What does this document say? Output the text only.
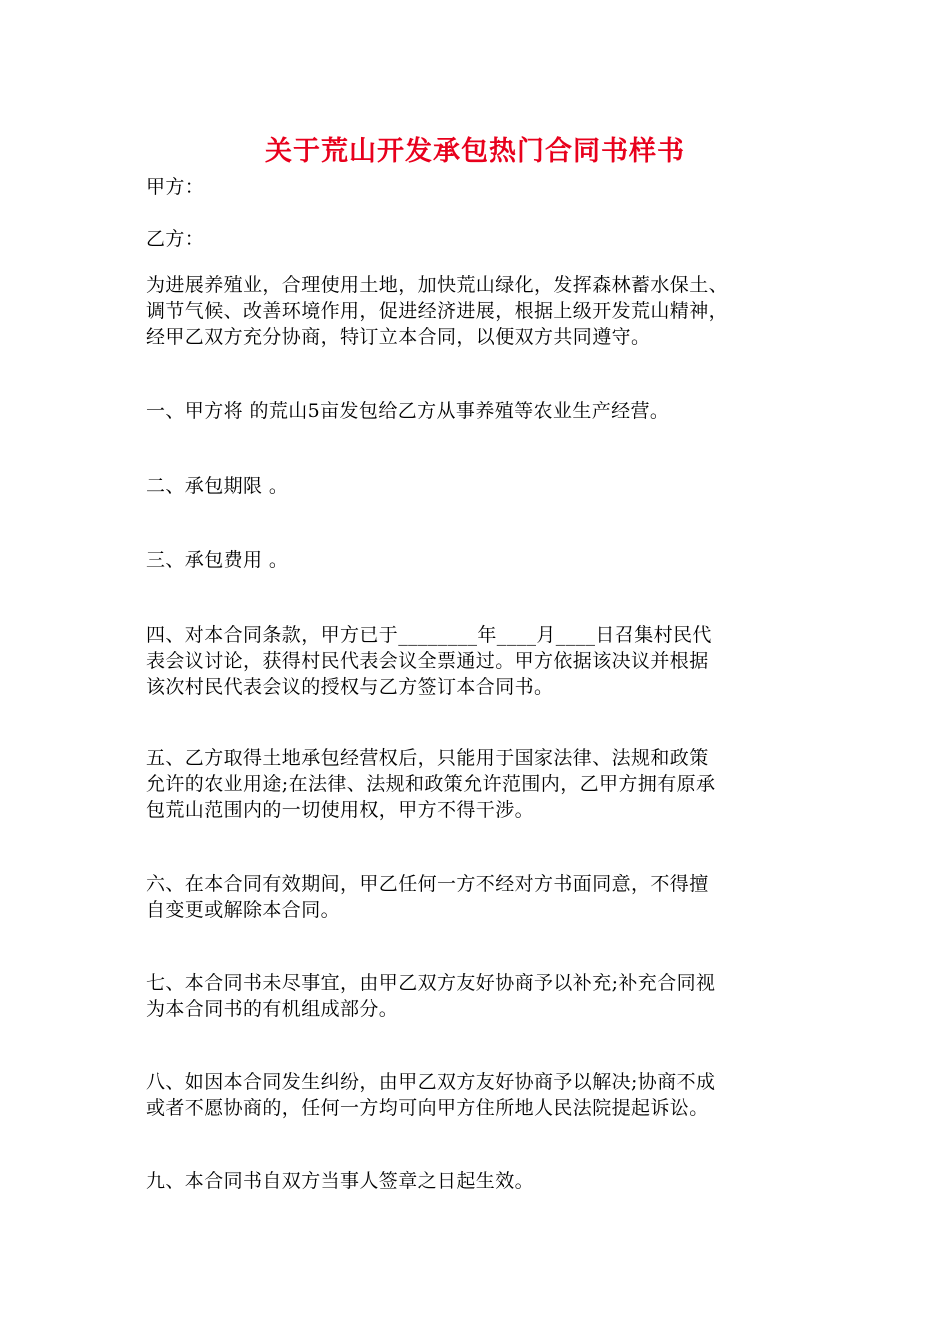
关于荒山开发承包热门合同书样书
甲方：
乙方：
为进展养殖业，合理使用土地，加快荒山绿化，发挥森林蓄水保土、
调节气候、改善环境作用，促进经济进展，根据上级开发荒山精神，
经甲乙双方充分协商，特订立本合同，以便双方共同遵守。
一、甲方将 的荒山5亩发包给乙方从事养殖等农业生产经营。
二、承包期限 。
三、承包费用 。
四、对本合同条款，甲方已于________年____月____日召集村民代
表会议讨论，获得村民代表会议全票通过。甲方依据该决议并根据
该次村民代表会议的授权与乙方签订本合同书。
五、乙方取得土地承包经营权后，只能用于国家法律、法规和政策
允许的农业用途;在法律、法规和政策允许范围内，乙甲方拥有原承
包荒山范围内的一切使用权，甲方不得干涉。
六、在本合同有效期间，甲乙任何一方不经对方书面同意，不得擅
自变更或解除本合同。
七、本合同书未尽事宜，由甲乙双方友好协商予以补充;补充合同视
为本合同书的有机组成部分。
八、如因本合同发生纠纷，由甲乙双方友好协商予以解决;协商不成
或者不愿协商的，任何一方均可向甲方住所地人民法院提起诉讼。
九、本合同书自双方当事人签章之日起生效。
